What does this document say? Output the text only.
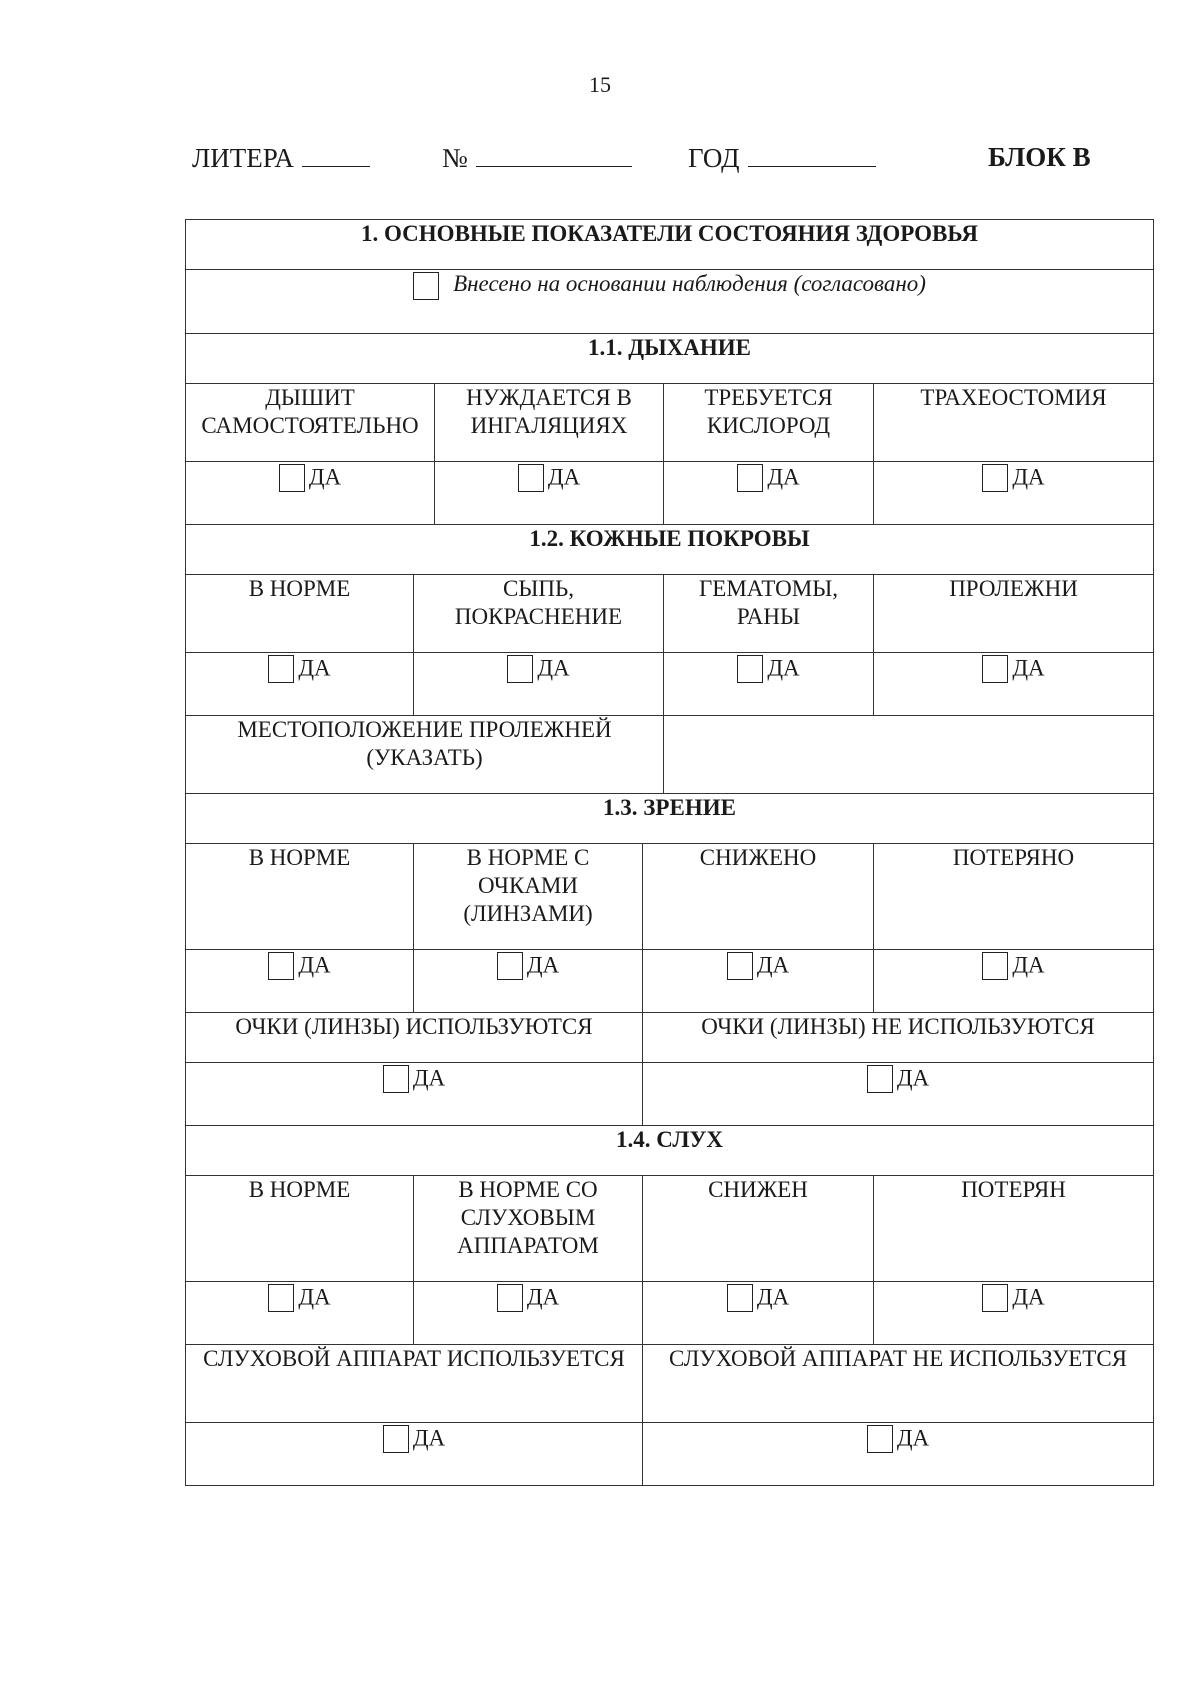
15
ЛИТЕРА	№	ГОД	БЛОК В
1. ОСНОВНЫЕ ПОКАЗАТЕЛИ СОСТОЯНИЯ ЗДОРОВЬЯ					
Внесено на основании наблюдения (согласовано)					
1.1. ДЫХАНИЕ					
ДЫШИТ САМОСТОЯТЕЛЬНО		НУЖДАЕТСЯ В ИНГАЛЯЦИЯХ		ТРЕБУЕТСЯ КИСЛОРОД	ТРАХЕОСТОМИЯ
ДА		ДА		ДА	ДА
1.2. КОЖНЫЕ ПОКРОВЫ					
В НОРМЕ	СЫПЬ, ПОКРАСНЕНИЕ			ГЕМАТОМЫ, РАНЫ	ПРОЛЕЖНИ
ДА	ДА			ДА	ДА
МЕСТОПОЛОЖЕНИЕ ПРОЛЕЖНЕЙ (УКАЗАТЬ)					
1.3. ЗРЕНИЕ					
В НОРМЕ	В НОРМЕ С ОЧКАМИ (ЛИНЗАМИ)		СНИЖЕНО		ПОТЕРЯНО
ДА	ДА		ДА		ДА
ОЧКИ (ЛИНЗЫ) ИСПОЛЬЗУЮТСЯ			ОЧКИ (ЛИНЗЫ) НЕ ИСПОЛЬЗУЮТСЯ		
ДА			ДА		
1.4. СЛУХ					
В НОРМЕ	В НОРМЕ СО СЛУХОВЫМ АППАРАТОМ		СНИЖЕН		ПОТЕРЯН
ДА	ДА		ДА		ДА
СЛУХОВОЙ АППАРАТ ИСПОЛЬЗУЕТСЯ			СЛУХОВОЙ АППАРАТ НЕ ИСПОЛЬЗУЕТСЯ		
ДА			ДА		
